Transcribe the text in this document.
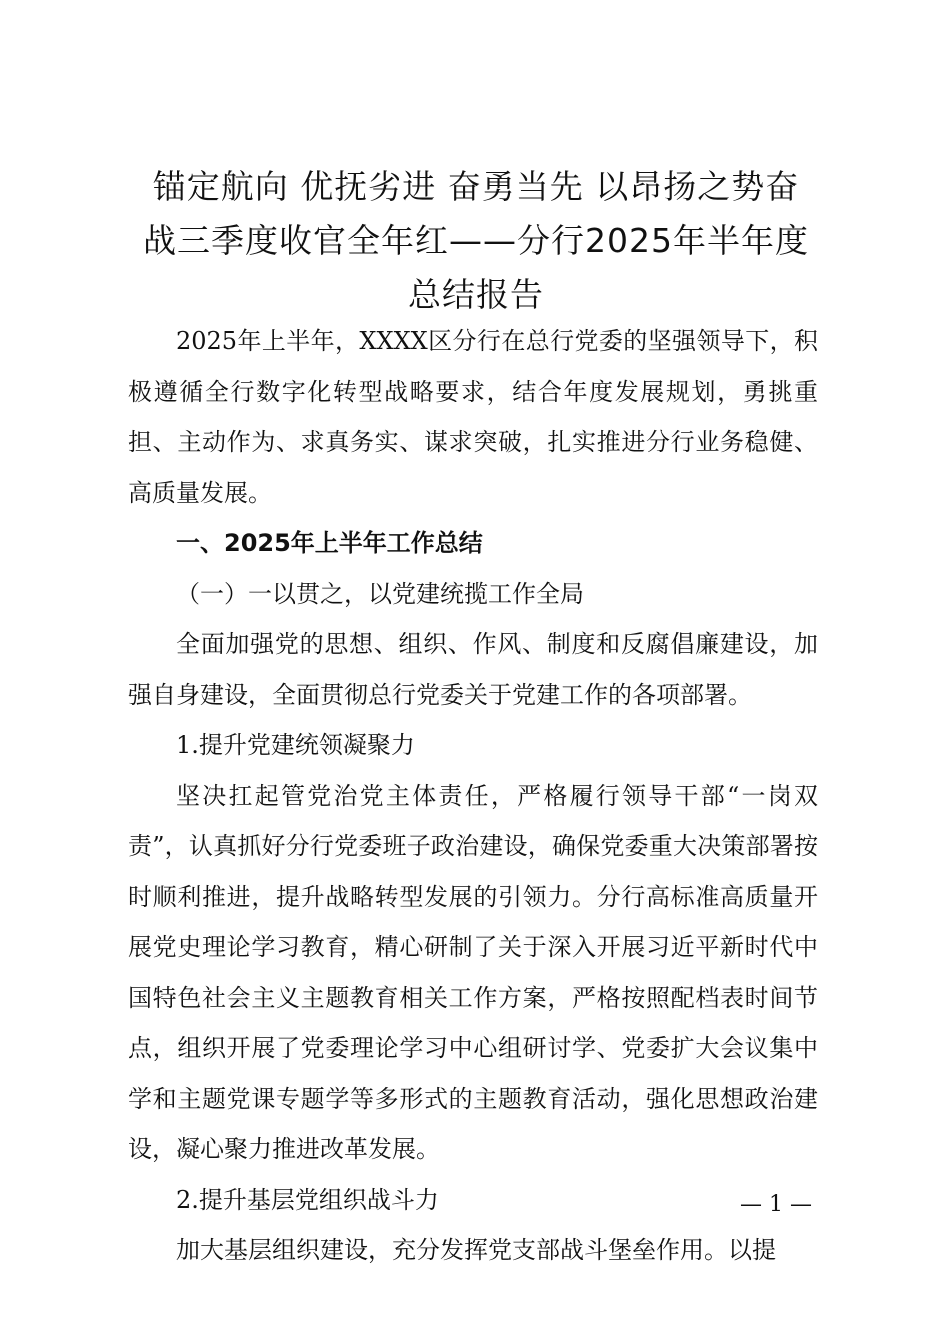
锚定航向 优抚劣进 奋勇当先 以昂扬之势奋
战三季度收官全年红——分行2025年半年度
总结报告

2025年上半年，XXXX区分行在总行党委的坚强领导下，积极遵循全行数字化转型战略要求，结合年度发展规划，勇挑重担、主动作为、求真务实、谋求突破，扎实推进分行业务稳健、高质量发展。

一、2025年上半年工作总结

（一）一以贯之，以党建统揽工作全局

全面加强党的思想、组织、作风、制度和反腐倡廉建设，加强自身建设，全面贯彻总行党委关于党建工作的各项部署。

1.提升党建统领凝聚力

坚决扛起管党治党主体责任，严格履行领导干部“一岗双责”，认真抓好分行党委班子政治建设，确保党委重大决策部署按时顺利推进，提升战略转型发展的引领力。分行高标准高质量开展党史理论学习教育，精心研制了关于深入开展习近平新时代中国特色社会主义主题教育相关工作方案，严格按照配档表时间节点，组织开展了党委理论学习中心组研讨学、党委扩大会议集中学和主题党课专题学等多形式的主题教育活动，强化思想政治建设，凝心聚力推进改革发展。

2.提升基层党组织战斗力

加大基层组织建设，充分发挥党支部战斗堡垒作用。以提

— 1 —
